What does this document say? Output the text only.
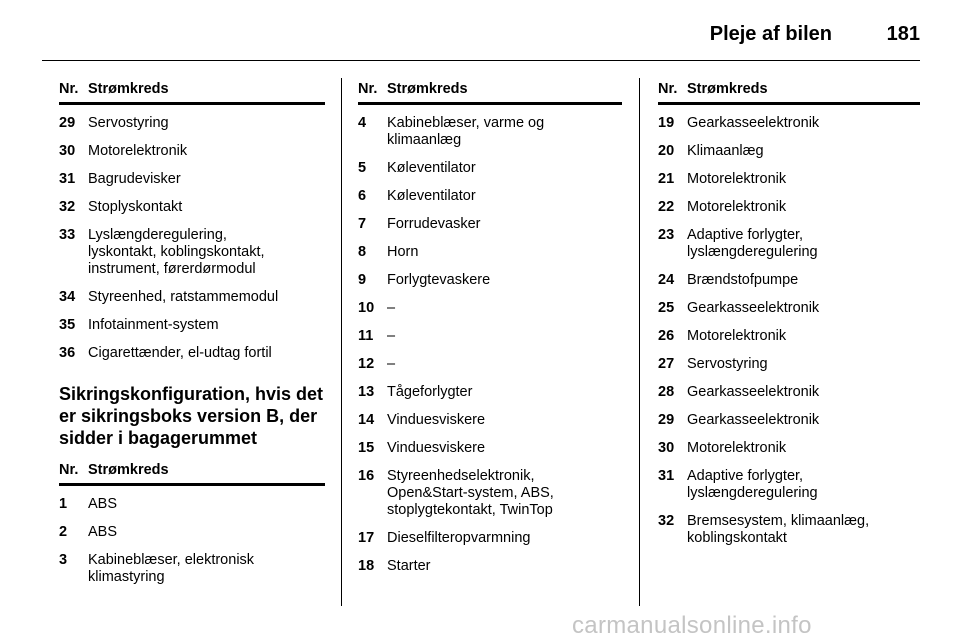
Pleje af bilen	181
Nr. Strømkreds
29 Servostyring
30 Motorelektronik
31 Bagrudevisker
32 Stoplyskontakt
33 Lyslængderegulering,
lyskontakt, koblingskontakt,
instrument, førerdørmodul
34 Styreenhed, ratstammemodul
35 Infotainment-system
36 Cigarettænder, el-udtag fortil
Sikringskonfiguration, hvis det er sikringsboks version B, der sidder i bagagerummet
Nr. Strømkreds
1	ABS
2	ABS
3	Kabineblæser, elektronisk
klimastyring
Nr. Strømkreds
4	Kabineblæser, varme og
klimaanlæg
5	Køleventilator
6	Køleventilator
7	Forrudevasker
8	Horn
9	Forlygtevaskere
10 –
11 –
12 –
13 Tågeforlygter
14 Vinduesviskere
15 Vinduesviskere
16 Styreenhedselektronik,
Open&Start-system, ABS,
stoplygtekontakt, TwinTop
17 Dieselfilteropvarmning
18 Starter
Nr. Strømkreds
19 Gearkasseelektronik
20 Klimaanlæg
21 Motorelektronik
22 Motorelektronik
23 Adaptive forlygter,
lyslængderegulering
24 Brændstofpumpe
25 Gearkasseelektronik
26 Motorelektronik
27 Servostyring
28 Gearkasseelektronik
29 Gearkasseelektronik
30 Motorelektronik
31 Adaptive forlygter,
lyslængderegulering
32 Bremsesystem, klimaanlæg,
koblingskontakt
carmanualsonline.info
